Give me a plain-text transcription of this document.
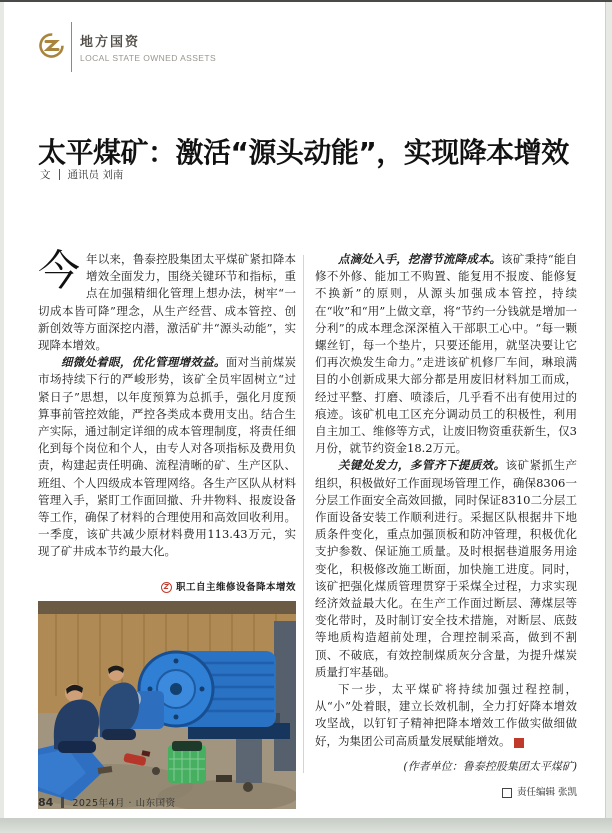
地方国资
LOCAL STATE OWNED ASSETS
太平煤矿：激活“源头动能”，实现降本增效
文 通讯员 刘南

今年以来，鲁泰控股集团太平煤矿紧扣降本增效全面发力，围绕关键环节和指标，重点在加强精细化管理上想办法，树牢“一切成本皆可降”理念，从生产经营、成本管控、创新创效等方面深挖内潜，激活矿井“源头动能”，实现降本增效。

细微处着眼，优化管理增效益。面对当前煤炭市场持续下行的严峻形势，该矿全员牢固树立“过紧日子”思想，以年度预算为总抓手，强化月度预算事前管控效能，严控各类成本费用支出。结合生产实际，通过制定详细的成本管理制度，将责任细化到每个岗位和个人，由专人对各项指标及费用负责，构建起责任明确、流程清晰的矿、生产区队、班组、个人四级成本管理网络。各生产区队从材料管理入手，紧盯工作面回撤、升井物料、报废设备等工作，确保了材料的合理使用和高效回收利用。一季度，该矿共减少原材料费用113.43万元，实现了矿井成本节约最大化。

Z 职工自主维修设备降本增效

点滴处入手，挖潜节流降成本。该矿秉持“能自修不外修、能加工不购置、能复用不报废、能修复不换新”的原则，从源头加强成本管控，持续在“收”和“用”上做文章，将“节约一分钱就是增加一分利”的成本理念深深植入干部职工心中。“每一颗螺丝钉，每一个垫片，只要还能用，就坚决要让它们再次焕发生命力。”走进该矿机修厂车间，琳琅满目的小创新成果大部分都是用废旧材料加工而成，经过平整、打磨、喷漆后，几乎看不出有使用过的痕迹。该矿机电工区充分调动员工的积极性，利用自主加工、维修等方式，让废旧物资重获新生，仅3月份，就节约资金18.2万元。

关键处发力，多管齐下提质效。该矿紧抓生产组织，积极做好工作面现场管理工作，确保8306一分层工作面安全高效回撤，同时保证8310二分层工作面设备安装工作顺利进行。采掘区队根据井下地质条件变化，重点加强顶板和防冲管理，积极优化支护参数、保证施工质量。及时根据巷道服务用途变化，积极修改施工断面，加快施工进度。同时，该矿把强化煤质管理贯穿于采煤全过程，力求实现经济效益最大化。在生产工作面过断层、薄煤层等变化带时，及时制订安全技术措施，对断层、底鼓等地质构造超前处理，合理控制采高，做到不割顶、不破底，有效控制煤质灰分含量，为提升煤炭质量打牢基础。

下一步，太平煤矿将持续加强过程控制，从“小”处着眼，建立长效机制，全力打好降本增效攻坚战，以钉钉子精神把降本增效工作做实做细做好，为集团公司高质量发展赋能增效。	Z

(作者单位：鲁泰控股集团太平煤矿)
责任编辑 张凯
84 2025年4月 · 山东国资
